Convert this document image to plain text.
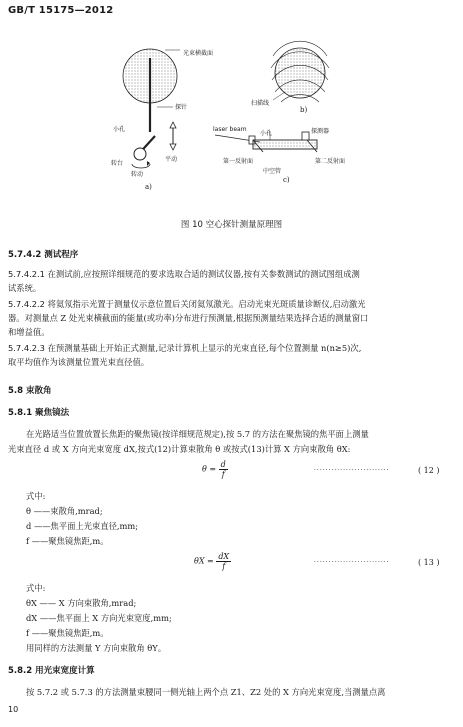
GB/T 15175—2012
光束横截面
探针
小孔
转台
转动
平动
a)
扫描线
b)
laser beam
小孔	探测器
第一反射面
中空管
第二反射面
c)
图 10 空心探针测量原理图
5.7.4.2 测试程序
5.7.4.2.1 在测试前,应按照详细规范的要求选取合适的测试仪器,按有关参数测试的测试图组成测
试系统。
5.7.4.2.2 将氦氖指示光置于测量仪示意位置后关闭氦氖激光。启动光束光斑质量诊断仪,启动激光
器。对测量点 Z 处光束横截面的能量(或功率)分布进行预测量,根据预测量结果选择合适的测量窗口
和增益值。
5.7.4.2.3 在预测量基础上开始正式测量,记录计算机上显示的光束直径,每个位置测量 n(n≥5)次,
取平均值作为该测量位置光束直径值。
5.8 束散角
5.8.1 聚焦镜法
在光路适当位置放置长焦距的聚焦镜(按详细规范规定),按 5.7 的方法在聚焦镜的焦平面上测量
光束直径 d 或 X 方向光束宽度 dX,按式(12)计算束散角 θ 或按式(13)计算 X 方向束散角 θX:
$\theta = \frac{d}{f}$	··························	( 12 )
式中:
θ ——束散角,mrad;
d ——焦平面上光束直径,mm;
f ——聚焦镜焦距,m。
$\theta X = \frac{dX}{f}$	··························	( 13 )
式中:
θX —— X 方向束散角,mrad;
dX ——焦平面上 X 方向光束宽度,mm;
f ——聚焦镜焦距,m。
用同样的方法测量 Y 方向束散角 θY。
5.8.2 用光束宽度计算
按 5.7.2 或 5.7.3 的方法测量束腰同一侧光轴上两个点 Z1、Z2 处的 X 方向光束宽度,当测量点离
10
